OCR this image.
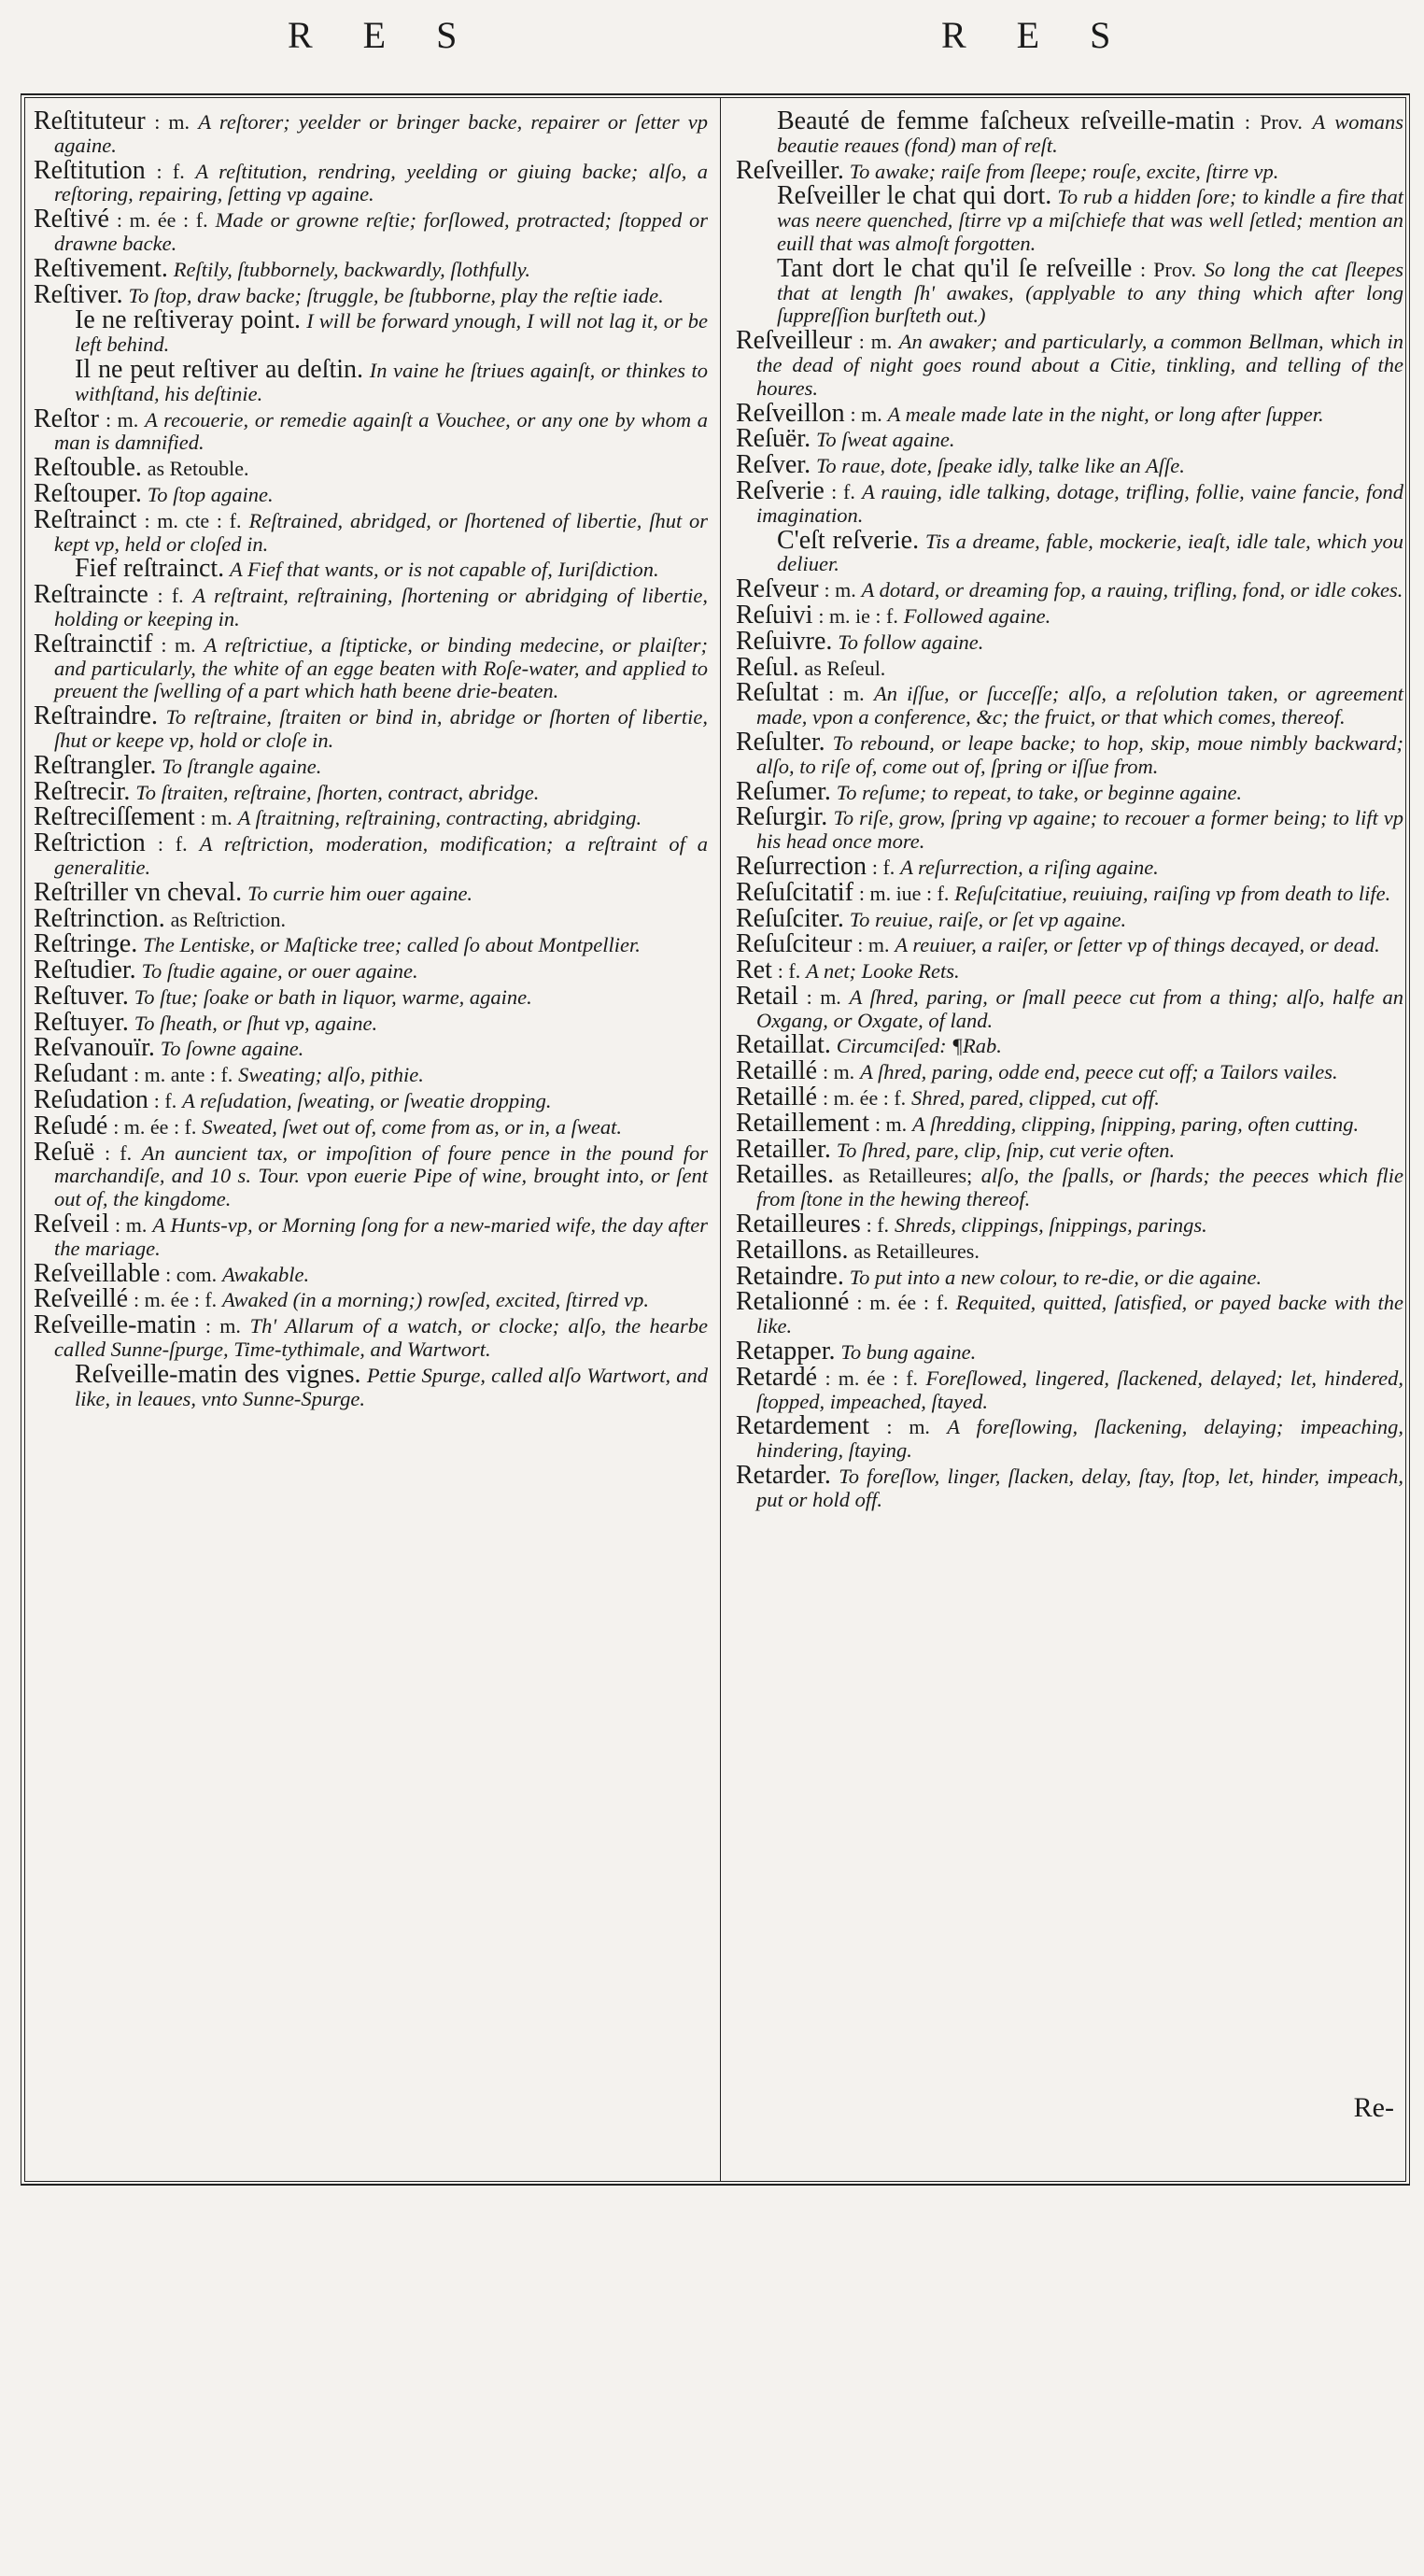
R E S	R E S

Reſtituteur : m. A reſtorer; yeelder or bringer backe, repairer or ſetter vp againe.

Reſtitution : f. A reſtitution, rendring, yeelding or giuing backe; alſo, a reſtoring, repairing, ſetting vp againe.

Reſtivé : m. ée : f. Made or growne reſtie; forſlowed, protracted; ſtopped or drawne backe.

Reſtivement. Reſtily, ſtubbornely, backwardly, ſlothfully.

Reſtiver. To ſtop, draw backe; ſtruggle, be ſtubborne, play the reſtie iade.

Ie ne reſtiveray point. I will be forward ynough, I will not lag it, or be left behind.

Il ne peut reſtiver au deſtin. In vaine he ſtriues againſt, or thinkes to withſtand, his deſtinie.

Reſtor : m. A recouerie, or remedie againſt a Vouchee, or any one by whom a man is damnified.

Reſtouble. as Retouble.

Reſtouper. To ſtop againe.

Reſtrainct : m. cte : f. Reſtrained, abridged, or ſhortened of libertie, ſhut or kept vp, held or cloſed in.

Fief reſtrainct. A Fief that wants, or is not capable of, Iuriſdiction.

Reſtraincte : f. A reſtraint, reſtraining, ſhortening or abridging of libertie, holding or keeping in.

Reſtrainctif : m. A reſtrictiue, a ſtipticke, or binding medecine, or plaiſter; and particularly, the white of an egge beaten with Roſe-water, and applied to preuent the ſwelling of a part which hath beene drie-beaten.

Reſtraindre. To reſtraine, ſtraiten or bind in, abridge or ſhorten of libertie, ſhut or keepe vp, hold or cloſe in.

Reſtrangler. To ſtrangle againe.

Reſtrecir. To ſtraiten, reſtraine, ſhorten, contract, abridge.

Reſtreciſſement : m. A ſtraitning, reſtraining, contracting, abridging.

Reſtriction : f. A reſtriction, moderation, modification; a reſtraint of a generalitie.

Reſtriller vn cheval. To currie him ouer againe.

Reſtrinction. as Reſtriction.

Reſtringe. The Lentiske, or Maſticke tree; called ſo about Montpellier.

Reſtudier. To ſtudie againe, or ouer againe.

Reſtuver. To ſtue; ſoake or bath in liquor, warme, againe.

Reſtuyer. To ſheath, or ſhut vp, againe.

Reſvanouïr. To ſowne againe.

Reſudant : m. ante : f. Sweating; alſo, pithie.

Reſudation : f. A reſudation, ſweating, or ſweatie dropping.

Reſudé : m. ée : f. Sweated, ſwet out of, come from as, or in, a ſweat.

Reſuë : f. An auncient tax, or impoſition of foure pence in the pound for marchandiſe, and 10 s. Tour. vpon euerie Pipe of wine, brought into, or ſent out of, the kingdome.

Reſveil : m. A Hunts-vp, or Morning ſong for a new-maried wife, the day after the mariage.

Reſveillable : com. Awakable.

Reſveillé : m. ée : f. Awaked (in a morning;) rowſed, excited, ſtirred vp.

Reſveille-matin : m. Th' Allarum of a watch, or clocke; alſo, the hearbe called Sunne-ſpurge, Time-tythimale, and Wartwort.

Reſveille-matin des vignes. Pettie Spurge, called alſo Wartwort, and like, in leaues, vnto Sunne-Spurge.

Beauté de femme faſcheux reſveille-matin : Prov. A womans beautie reaues (fond) man of reſt.

Reſveiller. To awake; raiſe from ſleepe; rouſe, excite, ſtirre vp.

Reſveiller le chat qui dort. To rub a hidden ſore; to kindle a fire that was neere quenched, ſtirre vp a miſchiefe that was well ſetled; mention an euill that was almoſt forgotten.

Tant dort le chat qu'il ſe reſveille : Prov. So long the cat ſleepes that at length ſh' awakes, (applyable to any thing which after long ſuppreſſion burſteth out.)

Reſveilleur : m. An awaker; and particularly, a common Bellman, which in the dead of night goes round about a Citie, tinkling, and telling of the houres.

Reſveillon : m. A meale made late in the night, or long after ſupper.

Reſuër. To ſweat againe.

Reſver. To raue, dote, ſpeake idly, talke like an Aſſe.

Reſverie : f. A rauing, idle talking, dotage, trifling, follie, vaine fancie, fond imagination.

C'eſt reſverie. Tis a dreame, fable, mockerie, ieaſt, idle tale, which you deliuer.

Reſveur : m. A dotard, or dreaming fop, a rauing, trifling, fond, or idle cokes.

Reſuivi : m. ie : f. Followed againe.

Reſuivre. To follow againe.

Reſul. as Reſeul.

Reſultat : m. An iſſue, or ſucceſſe; alſo, a reſolution taken, or agreement made, vpon a conference, &c; the fruict, or that which comes, thereof.

Reſulter. To rebound, or leape backe; to hop, skip, moue nimbly backward; alſo, to riſe of, come out of, ſpring or iſſue from.

Reſumer. To reſume; to repeat, to take, or beginne againe.

Reſurgir. To riſe, grow, ſpring vp againe; to recouer a former being; to lift vp his head once more.

Reſurrection : f. A reſurrection, a riſing againe.

Reſuſcitatif : m. iue : f. Reſuſcitatiue, reuiuing, raiſing vp from death to life.

Reſuſciter. To reuiue, raiſe, or ſet vp againe.

Reſuſciteur : m. A reuiuer, a raiſer, or ſetter vp of things decayed, or dead.

Ret : f. A net; Looke Rets.

Retail : m. A ſhred, paring, or ſmall peece cut from a thing; alſo, halfe an Oxgang, or Oxgate, of land.

Retaillat. Circumciſed: ¶Rab.

Retaillé : m. A ſhred, paring, odde end, peece cut off; a Tailors vailes.

Retaillé : m. ée : f. Shred, pared, clipped, cut off.

Retaillement : m. A ſhredding, clipping, ſnipping, paring, often cutting.

Retailler. To ſhred, pare, clip, ſnip, cut verie often.

Retailles. as Retailleures; alſo, the ſpalls, or ſhards; the peeces which flie from ſtone in the hewing thereof.

Retailleures : f. Shreds, clippings, ſnippings, parings.

Retaillons. as Retailleures.

Retaindre. To put into a new colour, to re-die, or die againe.

Retalionné : m. ée : f. Requited, quitted, ſatisfied, or payed backe with the like.

Retapper. To bung againe.

Retardé : m. ée : f. Foreſlowed, lingered, ſlackened, delayed; let, hindered, ſtopped, impeached, ſtayed.

Retardement : m. A foreſlowing, ſlackening, delaying; impeaching, hindering, ſtaying.

Retarder. To foreſlow, linger, ſlacken, delay, ſtay, ſtop, let, hinder, impeach, put or hold off.

Re-
